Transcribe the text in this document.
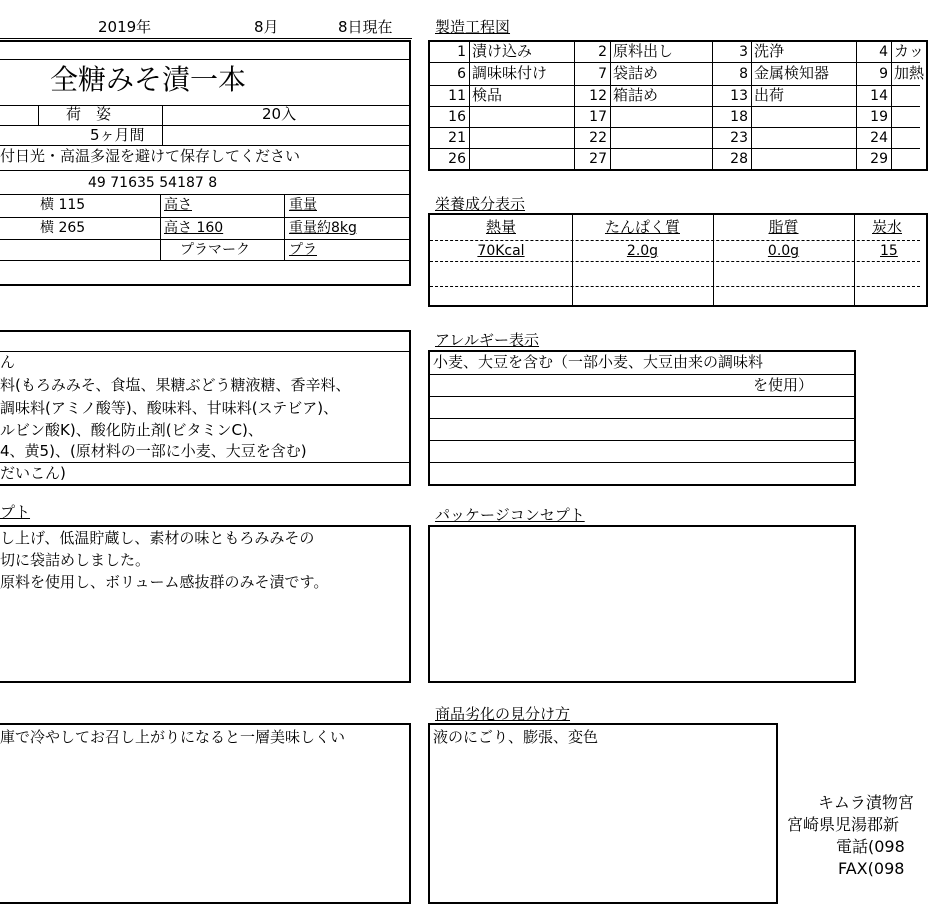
2019年	8月	8日現在
全糖みそ漬一本
荷　姿	20入
5ヶ月間
付日光・高温多湿を避けて保存してください
49 71635 54187 8
横 115	高さ	重量
横 265	高さ 160	重量約8kg
プラマーク	プラ
製造工程図
1 漬け込み	2 原料出し	3 洗浄	4 カッ
6 調味味付け	7 袋詰め	8 金属検知器	9 加熱
11 検品	12 箱詰め	13 出荷	14
16	17	18	19
21	22	23	24
26	27	28	29
栄養成分表示
熱量	たんぱく質	脂質	炭水
70Kcal	2.0g	0.0g	15
ん
料(もろみみそ、食塩、果糖ぶどう糖液糖、香辛料、
調味料(アミノ酸等)、酸味料、甘味料(ステビア)、
ルビン酸K)、酸化防止剤(ビタミンC)、
4、黄5)、(原材料の一部に小麦、大豆を含む)
だいこん)
アレルギー表示
小麦、大豆を含む（一部小麦、大豆由来の調味料
を使用）
プト
し上げ、低温貯蔵し、素材の味ともろみみその
切に袋詰めしました。
原料を使用し、ボリューム感抜群のみそ漬です。
パッケージコンセプト
庫で冷やしてお召し上がりになると一層美味しくい
商品劣化の見分け方
液のにごり、膨張、変色
キムラ漬物宮
宮崎県児湯郡新
電話(098
FAX(098
